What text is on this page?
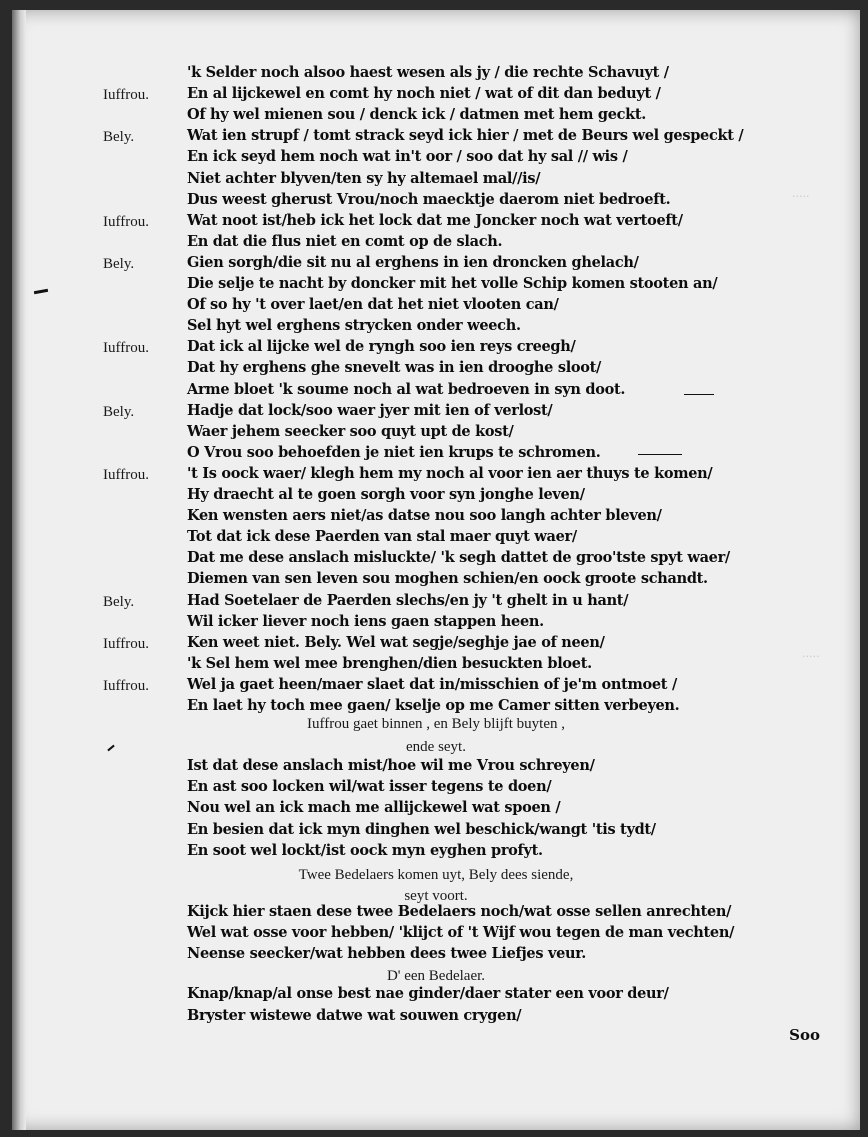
·····
·····
'k Selder noch alsoo haest wesen als jy / die rechte Schavuyt /
Iuffrou.	En al lijckewel en comt hy noch niet / wat of dit dan beduyt /
Of hy wel mienen sou / denck ick / datmen met hem geckt.
Bely.	Wat ien strupf / tomt strack seyd ick hier / met de Beurs wel gespeckt /
En ick seyd hem noch wat in't oor / soo dat hy sal // wis /
Niet achter blyven/ten sy hy altemael mal//is/
Dus weest gherust Vrou/noch maecktje daerom niet bedroeft.
Iuffrou.	Wat noot ist/heb ick het lock dat me Joncker noch wat vertoeft/
En dat die flus niet en comt op de slach.
Bely.	Gien sorgh/die sit nu al erghens in ien droncken ghelach/
Die selje te nacht by doncker mit het volle Schip komen stooten an/
Of so hy 't over laet/en dat het niet vlooten can/
Sel hyt wel erghens strycken onder weech.
Iuffrou.	Dat ick al lijcke wel de ryngh soo ien reys creegh/
Dat hy erghens ghe snevelt was in ien drooghe sloot/
Arme bloet 'k soume noch al wat bedroeven in syn doot.
Bely.	Hadje dat lock/soo waer jyer mit ien of verlost/
Waer jehem seecker soo quyt upt de kost/
O Vrou soo behoefden je niet ien krups te schromen.
Iuffrou.	't Is oock waer/ klegh hem my noch al voor ien aer thuys te komen/
Hy draecht al te goen sorgh voor syn jonghe leven/
Ken wensten aers niet/as datse nou soo langh achter bleven/
Tot dat ick dese Paerden van stal maer quyt waer/
Dat me dese anslach misluckte/ 'k segh dattet de groo'tste spyt waer/
Diemen van sen leven sou moghen schien/en oock groote schandt.
Bely.	Had Soetelaer de Paerden slechs/en jy 't ghelt in u hant/
Wil icker liever noch iens gaen stappen heen.
Iuffrou.	Ken weet niet. Bely. Wel wat segje/seghje jae of neen/
'k Sel hem wel mee brenghen/dien besuckten bloet.
Iuffrou.	Wel ja gaet heen/maer slaet dat in/misschien of je'm ontmoet /
En laet hy toch mee gaen/ kselje op me Camer sitten verbeyen.
Iuffrou gaet binnen , en Bely blijft buyten ,
ende seyt.
Ist dat dese anslach mist/hoe wil me Vrou schreyen/
En ast soo locken wil/wat isser tegens te doen/
Nou wel an ick mach me allijckewel wat spoen /
En besien dat ick myn dinghen wel beschick/wangt 'tis tydt/
En soot wel lockt/ist oock myn eyghen profyt.
Twee Bedelaers komen uyt, Bely dees siende,
seyt voort.
Kijck hier staen dese twee Bedelaers noch/wat osse sellen anrechten/
Wel wat osse voor hebben/ 'klijct of 't Wijf wou tegen de man vechten/
Neense seecker/wat hebben dees twee Liefjes veur.
D' een Bedelaer.
Knap/knap/al onse best nae ginder/daer stater een voor deur/
Bryster wistewe datwe wat souwen crygen/
Soo
